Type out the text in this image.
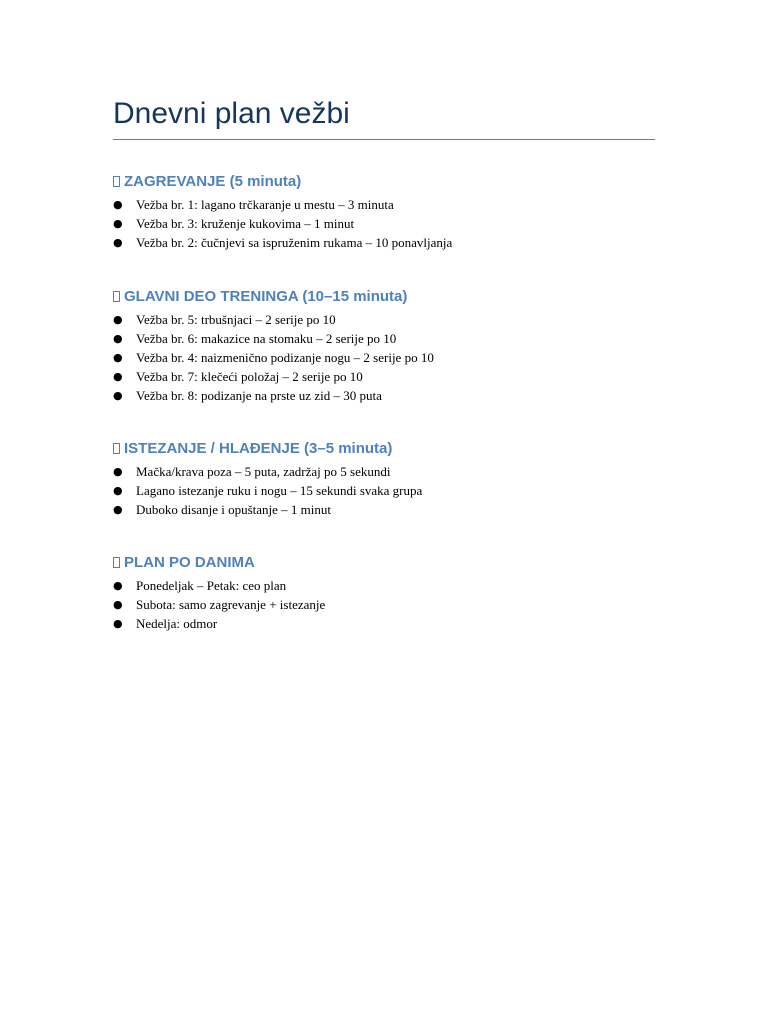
Dnevni plan vežbi
ZAGREVANJE (5 minuta)
● Vežba br. 1: lagano trčkaranje u mestu – 3 minuta
● Vežba br. 3: kruženje kukovima – 1 minut
● Vežba br. 2: čučnjevi sa ispruženim rukama – 10 ponavljanja
GLAVNI DEO TRENINGA (10–15 minuta)
● Vežba br. 5: trbušnjaci – 2 serije po 10
● Vežba br. 6: makazice na stomaku – 2 serije po 10
● Vežba br. 4: naizmenično podizanje nogu – 2 serije po 10
● Vežba br. 7: klečeći položaj – 2 serije po 10
● Vežba br. 8: podizanje na prste uz zid – 30 puta
ISTEZANJE / HLAĐENJE (3–5 minuta)
● Mačka/krava poza – 5 puta, zadržaj po 5 sekundi
● Lagano istezanje ruku i nogu – 15 sekundi svaka grupa
● Duboko disanje i opuštanje – 1 minut
PLAN PO DANIMA
● Ponedeljak – Petak: ceo plan
● Subota: samo zagrevanje + istezanje
● Nedelja: odmor
